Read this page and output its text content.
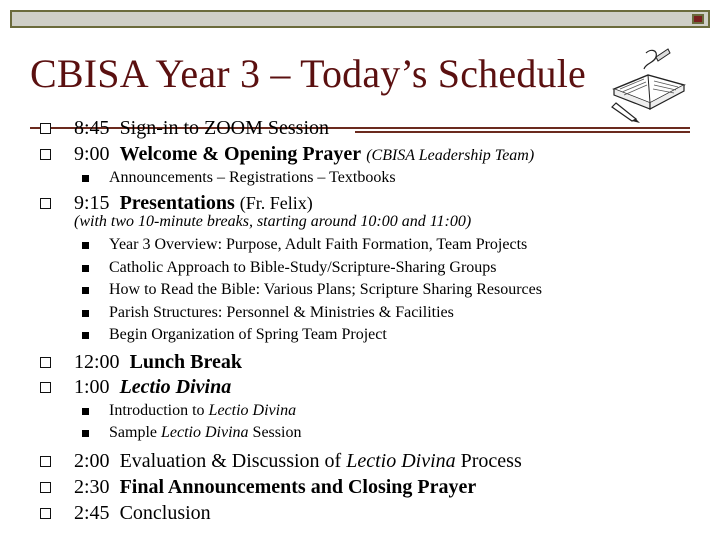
CBISA Year 3 – Today’s Schedule
8:45 Sign-in to ZOOM Session
9:00 Welcome & Opening Prayer (CBISA Leadership Team)
Announcements – Registrations – Textbooks
9:15 Presentations (Fr. Felix)
(with two 10-minute breaks, starting around 10:00 and 11:00)
Year 3 Overview: Purpose, Adult Faith Formation, Team Projects
Catholic Approach to Bible-Study/Scripture-Sharing Groups
How to Read the Bible: Various Plans; Scripture Sharing Resources
Parish Structures: Personnel & Ministries & Facilities
Begin Organization of Spring Team Project
12:00 Lunch Break
1:00 Lectio Divina
Introduction to Lectio Divina
Sample Lectio Divina Session
2:00 Evaluation & Discussion of Lectio Divina Process
2:30 Final Announcements and Closing Prayer
2:45 Conclusion
